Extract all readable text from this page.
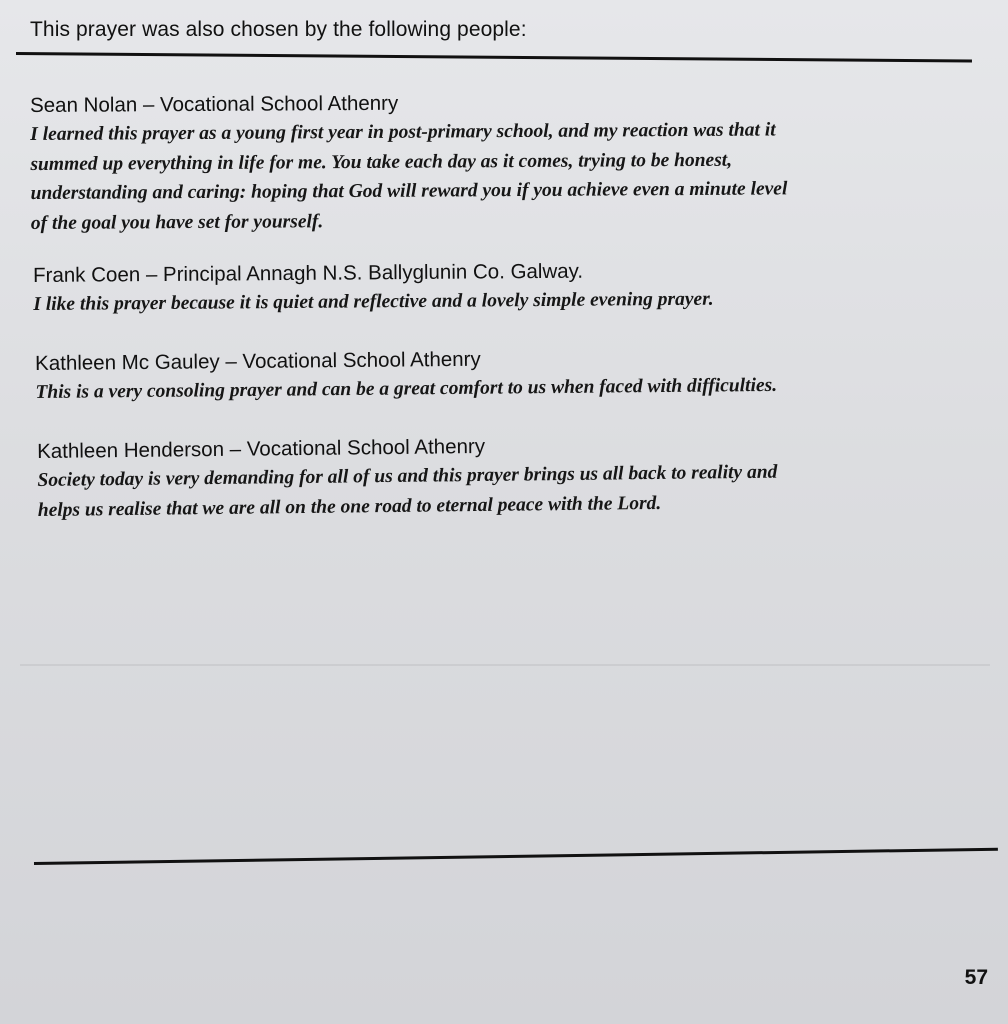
This prayer was also chosen by the following people:
Sean Nolan – Vocational School Athenry
I learned this prayer as a young first year in post-primary school, and my reaction was that it
summed up everything in life for me. You take each day as it comes, trying to be honest,
understanding and caring: hoping that God will reward you if you achieve even a minute level
of the goal you have set for yourself.
Frank Coen – Principal Annagh N.S. Ballyglunin Co. Galway.
I like this prayer because it is quiet and reflective and a lovely simple evening prayer.
Kathleen Mc Gauley – Vocational School Athenry
This is a very consoling prayer and can be a great comfort to us when faced with difficulties.
Kathleen Henderson – Vocational School Athenry
Society today is very demanding for all of us and this prayer brings us all back to reality and
helps us realise that we are all on the one road to eternal peace with the Lord.
57
